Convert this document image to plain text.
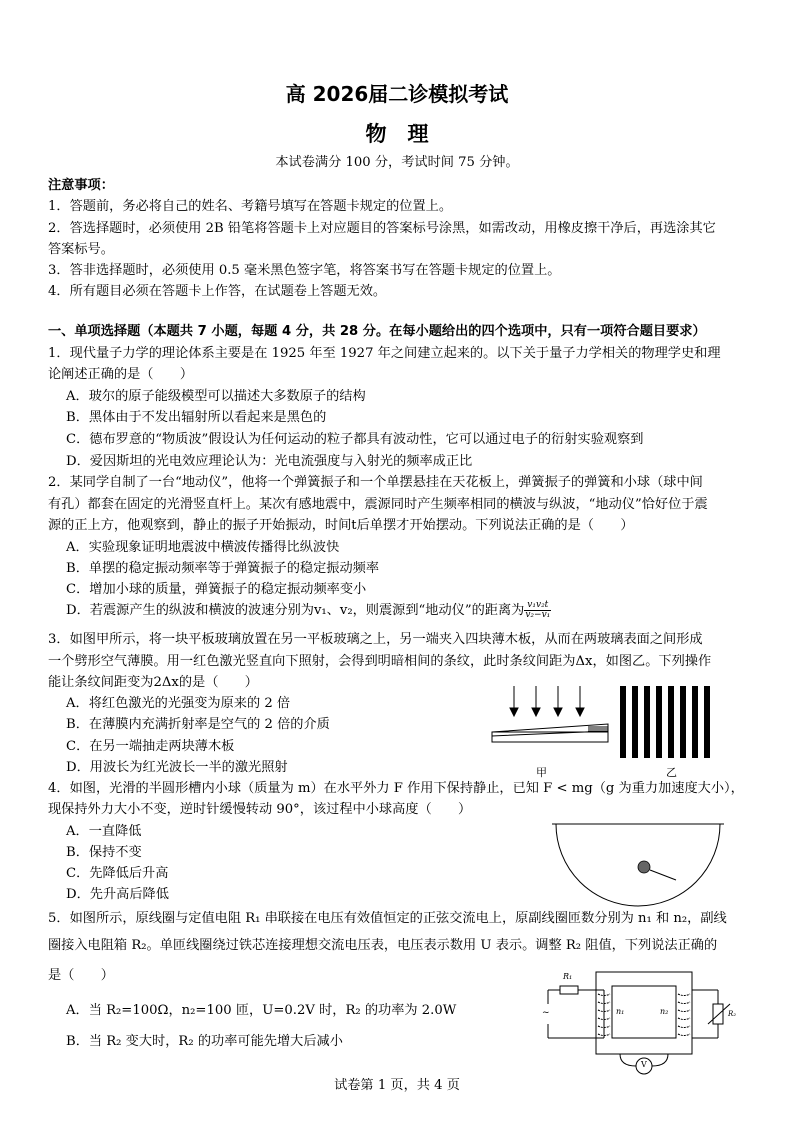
高 2026届二诊模拟考试
物　理
本试卷满分 100 分，考试时间 75 分钟。
注意事项：
1．答题前，务必将自己的姓名、考籍号填写在答题卡规定的位置上。
2．答选择题时，必须使用 2B 铅笔将答题卡上对应题目的答案标号涂黑，如需改动，用橡皮擦干净后，再选涂其它
答案标号。
3．答非选择题时，必须使用 0.5 毫米黑色签字笔，将答案书写在答题卡规定的位置上。
4．所有题目必须在答题卡上作答，在试题卷上答题无效。
一、单项选择题（本题共 7 小题，每题 4 分，共 28 分。在每小题给出的四个选项中，只有一项符合题目要求）
1．现代量子力学的理论体系主要是在 1925 年至 1927 年之间建立起来的。以下关于量子力学相关的物理学史和理
论阐述正确的是（　　）
A．玻尔的原子能级模型可以描述大多数原子的结构
B．黑体由于不发出辐射所以看起来是黑色的
C．德布罗意的“物质波”假设认为任何运动的粒子都具有波动性，它可以通过电子的衍射实验观察到
D．爱因斯坦的光电效应理论认为：光电流强度与入射光的频率成正比
2．某同学自制了一台“地动仪”，他将一个弹簧振子和一个单摆悬挂在天花板上，弹簧振子的弹簧和小球（球中间
有孔）都套在固定的光滑竖直杆上。某次有感地震中，震源同时产生频率相同的横波与纵波，“地动仪”恰好位于震
源的正上方，他观察到，静止的振子开始振动，时间t后单摆才开始摆动。下列说法正确的是（　　）
A．实验现象证明地震波中横波传播得比纵波快
B．单摆的稳定振动频率等于弹簧振子的稳定振动频率
C．增加小球的质量，弹簧振子的稳定振动频率变小
D．若震源产生的纵波和横波的波速分别为v₁、v₂，则震源到“地动仪”的距离为 $\frac{\text{v₁v₂t}}{\text{v₂−v₁}}$
3．如图甲所示，将一块平板玻璃放置在另一平板玻璃之上，另一端夹入四块薄木板，从而在两玻璃表面之间形成
一个劈形空气薄膜。用一红色激光竖直向下照射，会得到明暗相间的条纹，此时条纹间距为Δx，如图乙。下列操作
能让条纹间距变为2Δx的是（　　）
A．将红色激光的光强变为原来的 2 倍
B．在薄膜内充满折射率是空气的 2 倍的介质
C．在另一端抽走两块薄木板
D．用波长为红光波长一半的激光照射	甲	乙
4．如图，光滑的半圆形槽内小球（质量为 m）在水平外力 F 作用下保持静止，已知 F < mg（g 为重力加速度大小），
现保持外力大小不变，逆时针缓慢转动 90°，该过程中小球高度（　　）
A．一直降低
B．保持不变
C．先降低后升高
D．先升高后降低
5．如图所示，原线圈与定值电阻 R₁ 串联接在电压有效值恒定的正弦交流电上，原副线圈匝数分别为 n₁ 和 n₂，副线
圈接入电阻箱 R₂。单匝线圈绕过铁芯连接理想交流电压表，电压表示数用 U 表示。调整 R₂ 阻值，下列说法正确的
是（　　）
A．当 R₂=100Ω，n₂=100 匝，U=0.2V 时，R₂ 的功率为 2.0W
B．当 R₂ 变大时，R₂ 的功率可能先增大后减小
R₁
n₁	n₂	R₂
~
V
试卷第 1 页，共 4 页
